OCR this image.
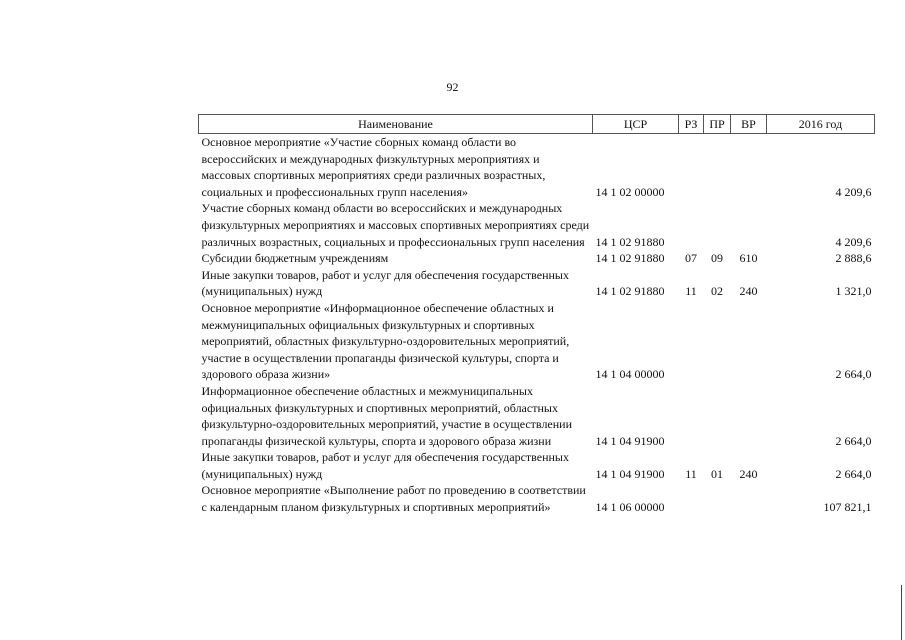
92
Наименование	ЦСР	РЗ	ПР	ВР	2016 год
Основное мероприятие «Участие сборных команд области во всероссийских и международных физкультурных мероприятиях и массовых спортивных мероприятиях среди различных возрастных, социальных и профессиональных групп населения»	14 1 02 00000				4 209,6
Участие сборных команд области во всероссийских и международных физкультурных мероприятиях и массовых спортивных мероприятиях среди различных возрастных, социальных и профессиональных групп населения	14 1 02 91880				4 209,6
Субсидии бюджетным учреждениям	14 1 02 91880	07	09	610	2 888,6
Иные закупки товаров, работ и услуг для обеспечения государственных (муниципальных) нужд	14 1 02 91880	11	02	240	1 321,0
Основное мероприятие «Информационное обеспечение областных и межмуниципальных официальных физкультурных и спортивных мероприятий, областных физкультурно-оздоровительных мероприятий, участие в осуществлении пропаганды физической культуры, спорта и здорового образа жизни»	14 1 04 00000				2 664,0
Информационное обеспечение областных и межмуниципальных официальных физкультурных и спортивных мероприятий, областных физкультурно-оздоровительных мероприятий, участие в осуществлении пропаганды физической культуры, спорта и здорового образа жизни	14 1 04 91900				2 664,0
Иные закупки товаров, работ и услуг для обеспечения государственных (муниципальных) нужд	14 1 04 91900	11	01	240	2 664,0
Основное мероприятие «Выполнение работ по проведению в соответствии с календарным планом физкультурных и спортивных мероприятий»	14 1 06 00000				107 821,1
